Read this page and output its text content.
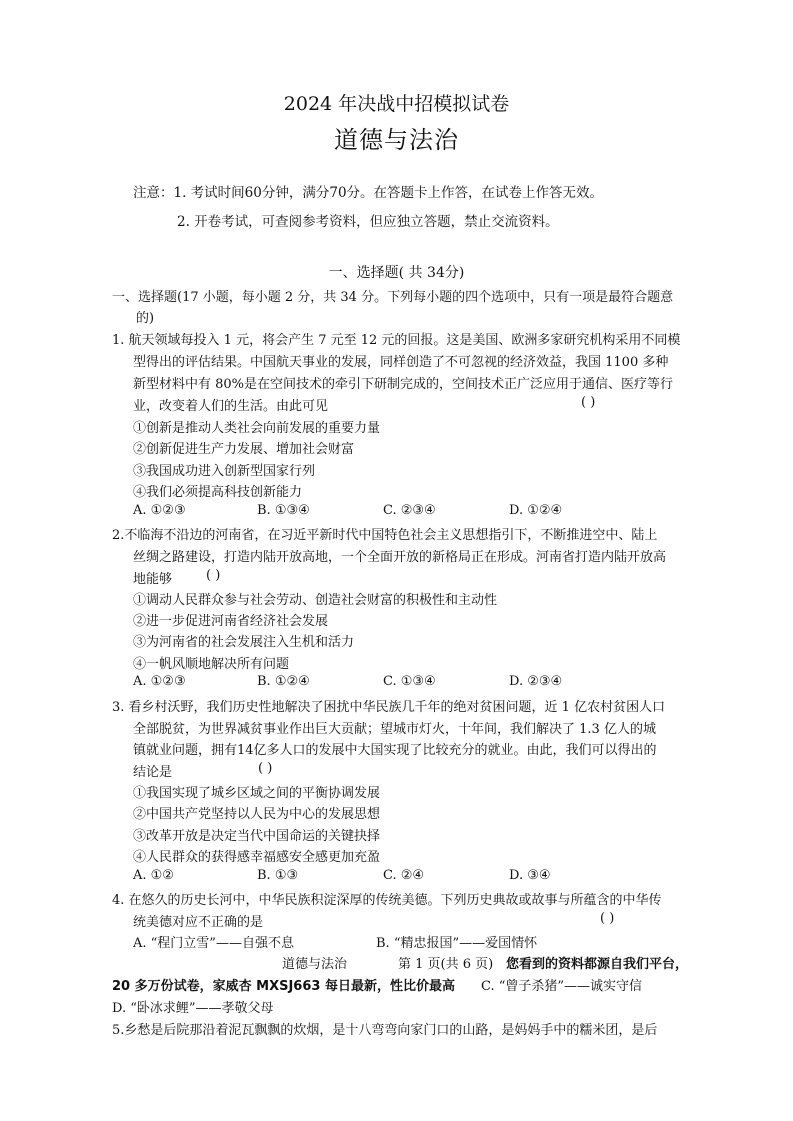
2024 年决战中招模拟试卷
道德与法治
注意：1. 考试时间60分钟，满分70分。在答题卡上作答，在试卷上作答无效。
2. 开卷考试，可查阅参考资料，但应独立答题，禁止交流资料。
一、选择题( 共 34分)
一、选择题(17 小题，每小题 2 分，共 34 分。下列每小题的四个选项中，只有一项是最符合题意
的)
1. 航天领域每投入 1 元，将会产生 7 元至 12 元的回报。这是美国、欧洲多家研究机构采用不同模
型得出的评估结果。中国航天事业的发展，同样创造了不可忽视的经济效益，我国 1100 多种
新型材料中有 80%是在空间技术的牵引下研制完成的，空间技术正广泛应用于通信、医疗等行
业，改变着人们的生活。由此可见	( )
①创新是推动人类社会向前发展的重要力量
②创新促进生产力发展、增加社会财富
③我国成功进入创新型国家行列
④我们必须提高科技创新能力
A. ①②③	B. ①③④	C. ②③④	D. ①②④
2.不临海不沿边的河南省，在习近平新时代中国特色社会主义思想指引下，不断推进空中、陆上
丝绸之路建设，打造内陆开放高地，一个全面开放的新格局正在形成。河南省打造内陆开放高
地能够	( )
①调动人民群众参与社会劳动、创造社会财富的积极性和主动性
②进一步促进河南省经济社会发展
③为河南省的社会发展注入生机和活力
④一帆风顺地解决所有问题
A. ①②③	B. ①②④	C. ①③④	D. ②③④
3. 看乡村沃野，我们历史性地解决了困扰中华民族几千年的绝对贫困问题，近 1 亿农村贫困人口
全部脱贫，为世界减贫事业作出巨大贡献；望城市灯火，十年间，我们解决了 1.3 亿人的城
镇就业问题，拥有14亿多人口的发展中大国实现了比较充分的就业。由此，我们可以得出的
结论是	( )
①我国实现了城乡区域之间的平衡协调发展
②中国共产党坚持以人民为中心的发展思想
③改革开放是决定当代中国命运的关键抉择
④人民群众的获得感幸福感安全感更加充盈
A. ①②	B. ①③	C. ②④	D. ③④
4. 在悠久的历史长河中，中华民族积淀深厚的传统美德。下列历史典故或故事与所蕴含的中华传
统美德对应不正确的是	( )
A. “程门立雪”——自强不息	B. “精忠报国”——爱国情怀
道德与法治	第 1 页(共 6 页) 您看到的资料都源自我们平台，
20 多万份试卷，家威杏 MXSJ663 每日最新，性比价最高 C. “曾子杀猪”——诚实守信
D. “卧冰求鲤”——孝敬父母
5.乡愁是后院那沿着泥瓦飘飘的炊烟，是十八弯弯向家门口的山路，是妈妈手中的糯米团，是后
